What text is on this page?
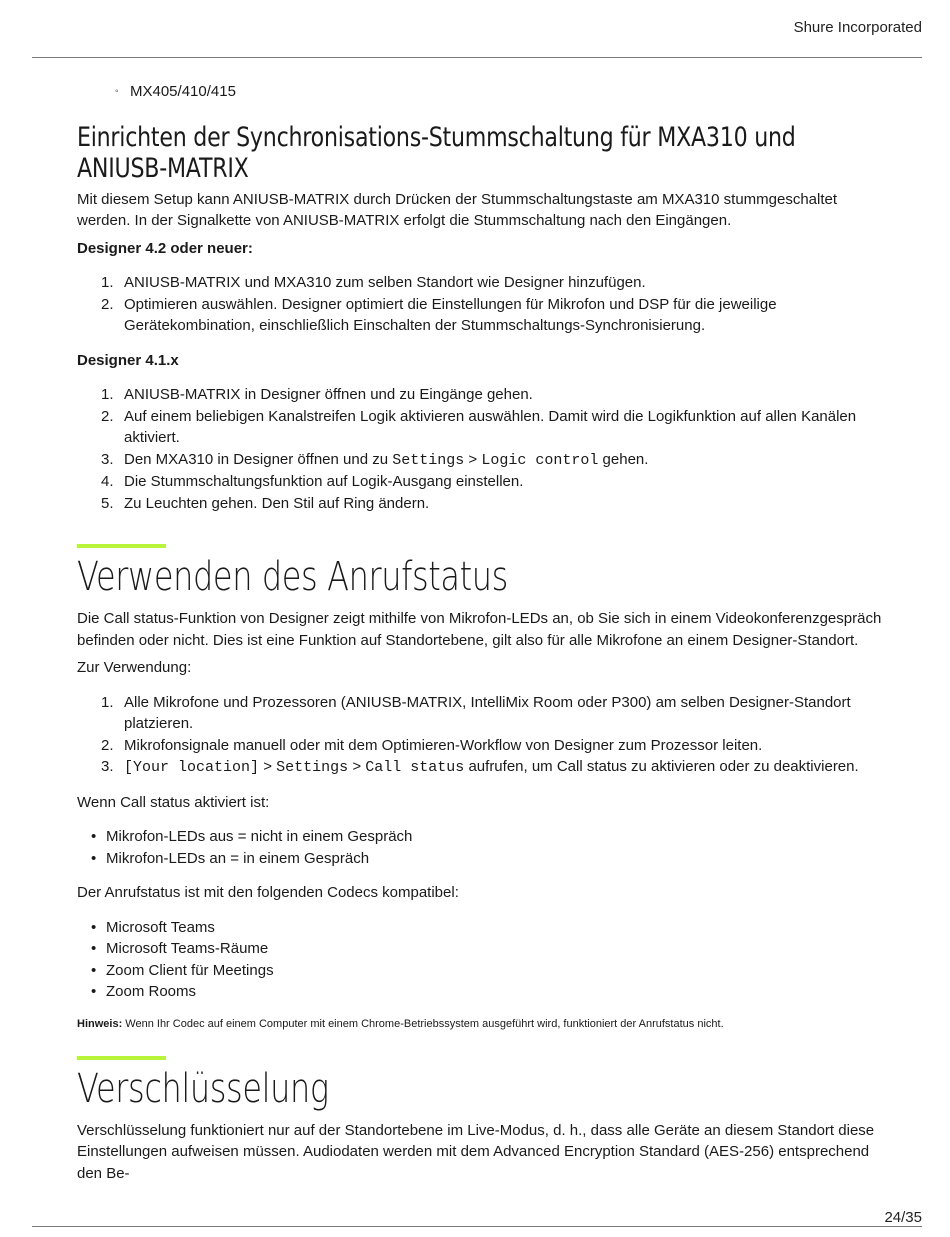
Shure Incorporated
◦ MX405/410/415
Einrichten der Synchronisations-Stummschaltung für MXA310 und ANIUSB-MATRIX

Mit diesem Setup kann ANIUSB-MATRIX durch Drücken der Stummschaltungstaste am MXA310 stummgeschaltet werden. In der Signalkette von ANIUSB-MATRIX erfolgt die Stummschaltung nach den Eingängen.

Designer 4.2 oder neuer:

1. ANIUSB-MATRIX und MXA310 zum selben Standort wie Designer hinzufügen.
2. Optimieren auswählen. Designer optimiert die Einstellungen für Mikrofon und DSP für die jeweilige Gerätekombination, einschließlich Einschalten der Stummschaltungs-Synchronisierung.

Designer 4.1.x

1. ANIUSB-MATRIX in Designer öffnen und zu Eingänge gehen.
2. Auf einem beliebigen Kanalstreifen Logik aktivieren auswählen. Damit wird die Logikfunktion auf allen Kanälen aktiviert.
3. Den MXA310 in Designer öffnen und zu Settings > Logic control gehen.
4. Die Stummschaltungsfunktion auf Logik-Ausgang einstellen.
5. Zu Leuchten gehen. Den Stil auf Ring ändern.
Verwenden des Anrufstatus

Die Call status-Funktion von Designer zeigt mithilfe von Mikrofon-LEDs an, ob Sie sich in einem Videokonferenzgespräch befinden oder nicht. Dies ist eine Funktion auf Standortebene, gilt also für alle Mikrofone an einem Designer-Standort.

Zur Verwendung:

1. Alle Mikrofone und Prozessoren (ANIUSB-MATRIX, IntelliMix Room oder P300) am selben Designer-Standort platzieren.
2. Mikrofonsignale manuell oder mit dem Optimieren-Workflow von Designer zum Prozessor leiten.
3. [Your location] > Settings > Call status aufrufen, um Call status zu aktivieren oder zu deaktivieren.

Wenn Call status aktiviert ist:

• Mikrofon-LEDs aus = nicht in einem Gespräch
• Mikrofon-LEDs an = in einem Gespräch

Der Anrufstatus ist mit den folgenden Codecs kompatibel:

• Microsoft Teams
• Microsoft Teams-Räume
• Zoom Client für Meetings
• Zoom Rooms

Hinweis: Wenn Ihr Codec auf einem Computer mit einem Chrome-Betriebssystem ausgeführt wird, funktioniert der Anrufstatus nicht.

Verschlüsselung

Verschlüsselung funktioniert nur auf der Standortebene im Live-Modus, d. h., dass alle Geräte an diesem Standort diese Einstellungen aufweisen müssen. Audiodaten werden mit dem Advanced Encryption Standard (AES-256) entsprechend den Be-

24/35
